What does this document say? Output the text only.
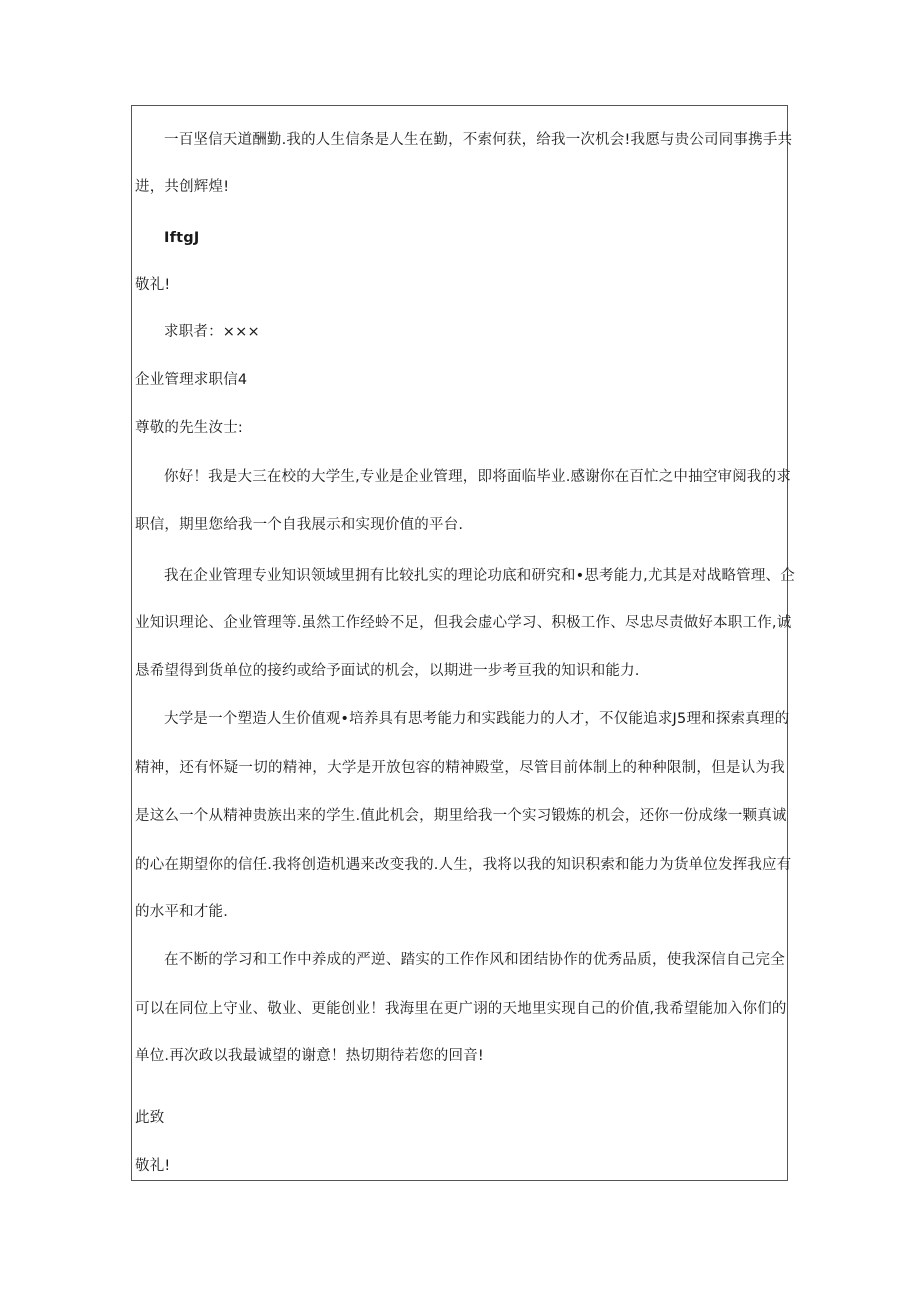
一百坚信天道酬勤.我的人生信条是人生在勤，不索何获，给我一次机会!我愿与贵公司同事携手共
进，共创辉煌!
IftgJ
敬礼!
求职者：×××
企业管理求职信4
尊敬的先生汝士:
你好！我是大三在校的大学生,专业是企业管理，即将面临毕业.感谢你在百忙之中抽空审阅我的求
职信，期里您给我一个自我展示和实现价值的平台.
我在企业管理专业知识领域里拥有比较扎实的理论功底和研究和•思考能力,尤其是对战略管理、企
业知识理论、企业管理等.虽然工作经蛉不足，但我会虚心学习、积极工作、尽忠尽责做好本职工作,诚
恳希望得到货单位的接约或给予面试的机会，以期进一步考亘我的知识和能力.
大学是一个塑造人生价值观•培养具有思考能力和实践能力的人才，不仅能追求J5理和探索真理的
精神，还有怀疑一切的精神，大学是开放包容的精神殿堂，尽管目前体制上的种种限制，但是认为我
是这么一个从精神贵族出来的学生.值此机会，期里给我一个实习锻炼的机会，还你一份成缘一颗真诚
的心在期望你的信任.我将创造机遇来改变我的.人生，我将以我的知识积索和能力为货单位发挥我应有
的水平和才能.
在不断的学习和工作中养成的严逆、踏实的工作作风和团结协作的优秀品质，使我深信自己完全
可以在同位上守业、敬业、更能创业！我海里在更广诩的天地里实现自己的价值,我希望能加入你们的
单位.再次政以我最诚望的谢意！热切期待若您的回音!
此致
敬礼!
